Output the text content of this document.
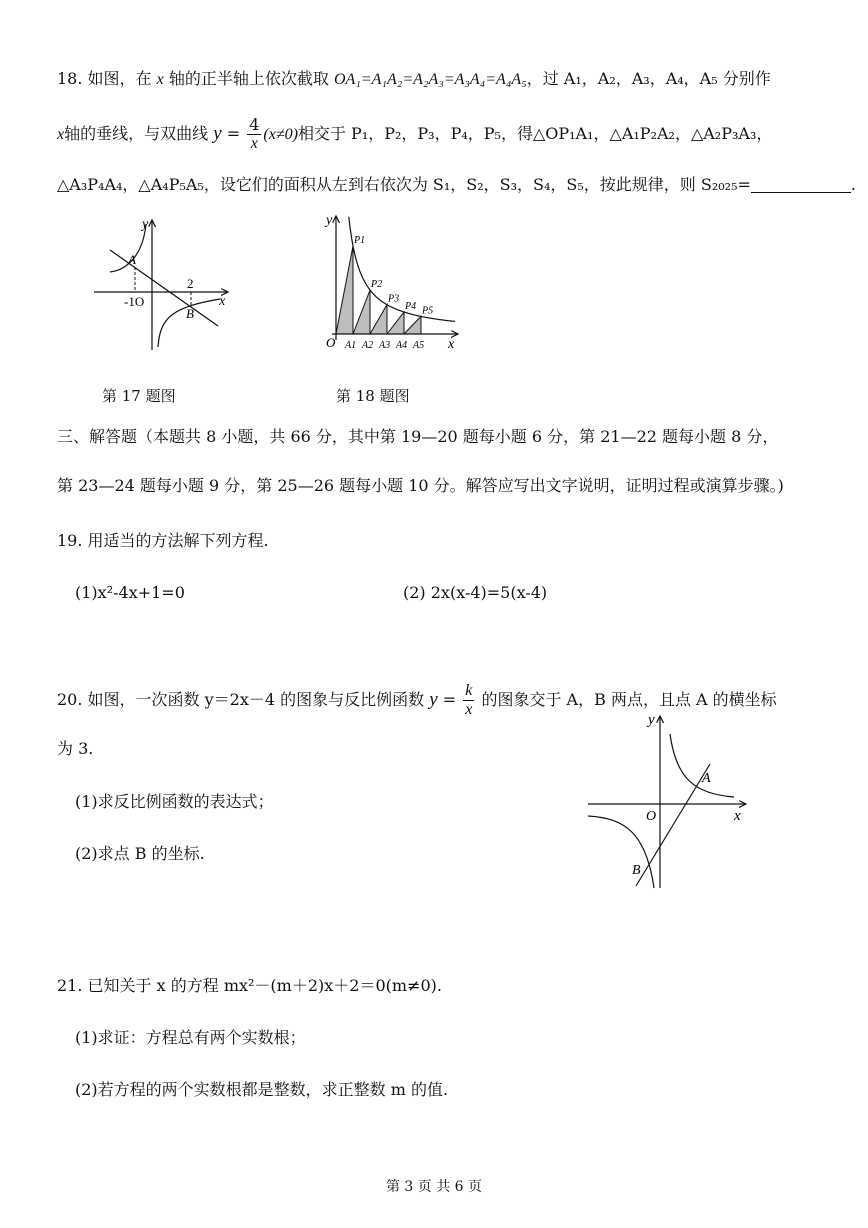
18. 如图，在 x 轴的正半轴上依次截取 OA₁=A₁A₂=A₂A₃=A₃A₄=A₄A₅，过 A₁，A₂，A₃，A₄，A₅ 分别作
x轴的垂线，与双曲线 $y = \frac{4}{x} (x\ne 0)$相交于 P₁，P₂，P₃，P₄，P₅，得△OP₁A₁，△A₁P₂A₂，△A₂P₃A₃，
△A₃P₄A₄，△A₄P₅A₅，设它们的面积从左到右依次为 S₁，S₂，S₃，S₄，S₅，按此规律，则 S₂₀₂₅=	.
y
x
A
B
-1O
2
y
x
O
P1
A1
P2
A2
P3
A3
P4
A4
P5
A5
第 17 题图	第 18 题图
三、解答题（本题共 8 小题，共 66 分，其中第 19—20 题每小题 6 分，第 21—22 题每小题 8 分，
第 23—24 题每小题 9 分，第 25—26 题每小题 10 分。解答应写出文字说明，证明过程或演算步骤。)
19. 用适当的方法解下列方程.
(1)x²-4x+1=0	(2) 2x(x-4)=5(x-4)
20. 如图，一次函数 y＝2x－4 的图象与反比例函数 $y = \frac{k}{x}$ 的图象交于 A，B 两点，且点 A 的横坐标
为 3.
(1)求反比例函数的表达式；
(2)求点 B 的坐标.
y
x
O
A
B
21. 已知关于 x 的方程 mx²－(m＋2)x＋2＝0(m≠0).
(1)求证：方程总有两个实数根；
(2)若方程的两个实数根都是整数，求正整数 m 的值.
第 3 页 共 6 页
